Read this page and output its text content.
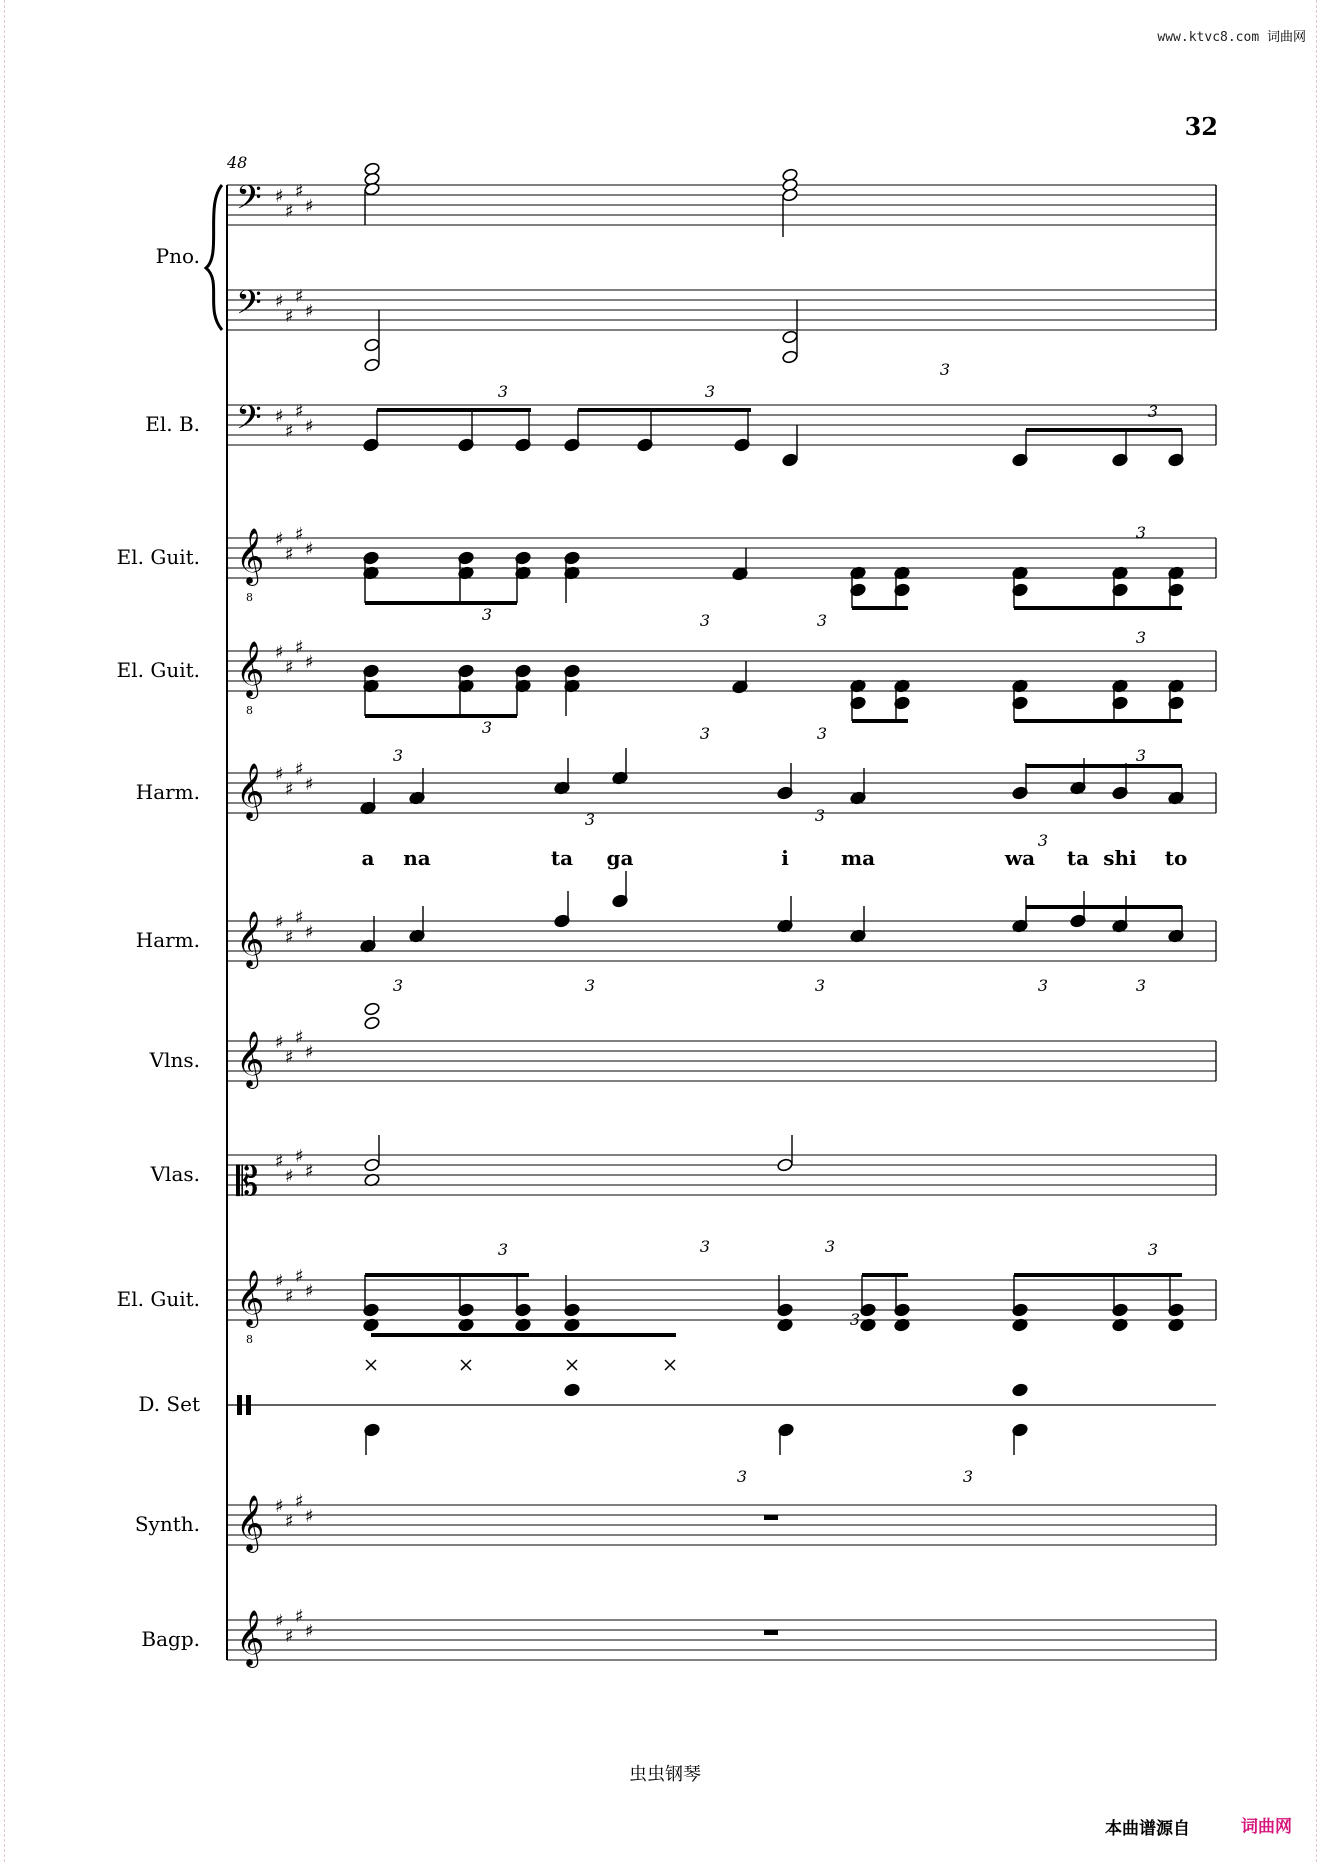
www.ktvc8.com 词曲网
32
48
𝄢 ♯
♯
♯
♯
Pno.
𝄢 ♯
♯
♯
♯
𝄢 ♯
♯
♯
♯
El. B.
𝄞
8
♯
♯
♯
♯
El. Guit.
𝄞
8
♯
♯
♯
♯
El. Guit.
𝄞 ♯
♯
♯
♯
Harm.
𝄞 ♯
♯
♯
♯
Harm.
𝄞 ♯
♯
♯
♯
Vlns.
𝄡 ♯
♯
♯
♯
Vlas.
𝄞
8
♯
♯
♯
♯
El. Guit.
D. Set
𝄞 ♯
♯
♯
♯
Synth.
𝄞 ♯
♯
♯
♯
Bagp.
3	3
3
3
3
3
3	3
3
3
3	3
3
3	3
3
3
a na	ta ga	i	ma	wa ta shi to
3	3	3	3	3
3	3	3	3
3	3
3
虫虫钢琴
本曲谱源自	词曲网
